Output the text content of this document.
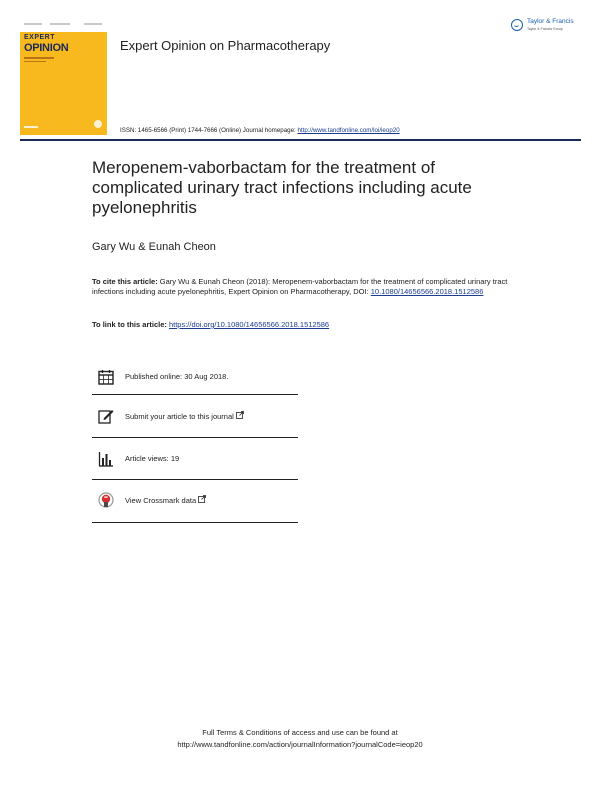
EXPERT
OPINION	Expert Opinion on Pharmacotherapy
Taylor & Francis
Taylor & Francis Group
ISSN: 1465-6566 (Print) 1744-7666 (Online) Journal homepage: http://www.tandfonline.com/loi/ieop20
Meropenem-vaborbactam for the treatment of complicated urinary tract infections including acute pyelonephritis
Gary Wu & Eunah Cheon
To cite this article: Gary Wu & Eunah Cheon (2018): Meropenem-vaborbactam for the treatment of complicated urinary tract infections including acute pyelonephritis, Expert Opinion on Pharmacotherapy, DOI: 10.1080/14656566.2018.1512586
To link to this article: https://doi.org/10.1080/14656566.2018.1512586
Published online: 30 Aug 2018.
Submit your article to this journal
Article views: 19
View Crossmark data
Full Terms & Conditions of access and use can be found at
http://www.tandfonline.com/action/journalInformation?journalCode=ieop20
